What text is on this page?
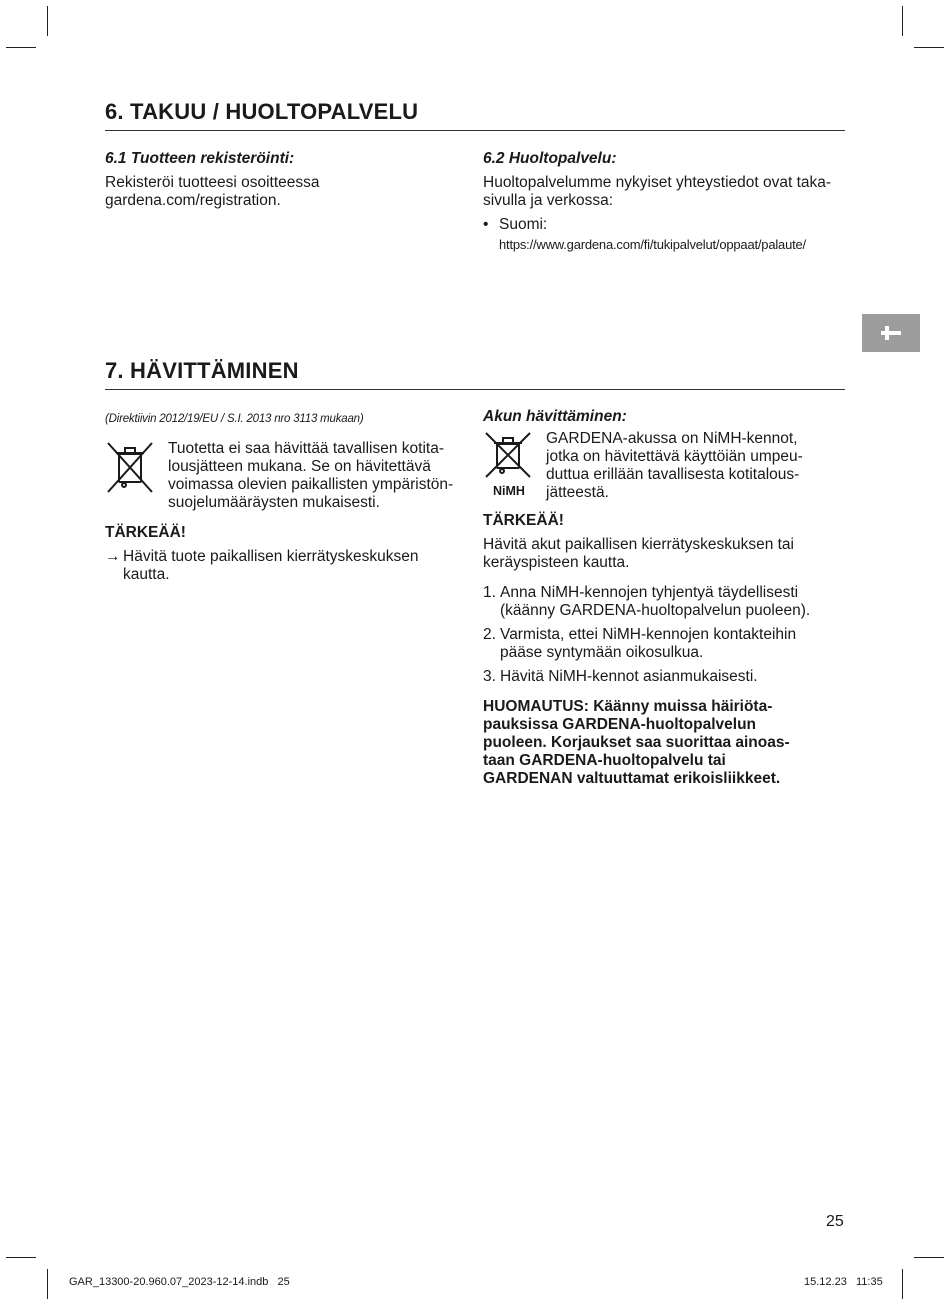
6. TAKUU / HUOLTOPALVELU

6.1 Tuotteen rekisteröinti:

Rekisteröi tuotteesi osoitteessa

gardena.com/registration.

6.2 Huoltopalvelu:

Huoltopalvelumme nykyiset yhteystiedot ovat taka-

sivulla ja verkossa:

• Suomi:

https://www.gardena.com/fi/tukipalvelut/oppaat/palaute/

7. HÄVITTÄMINEN

(Direktiivin 2012/19/EU / S.I. 2013 nro 3113 mukaan)

Tuotetta ei saa hävittää tavallisen kotita-

lousjätteen mukana. Se on hävitettävä

voimassa olevien paikallisten ympäristön-

suojelumääräysten mukaisesti.

TÄRKEÄÄ!

→ Hävitä tuote paikallisen kierrätyskeskuksen

kautta.

Akun hävittäminen:

NiMH

GARDENA-akussa on NiMH-kennot,

jotka on hävitettävä käyttöiän umpeu-

duttua erillään tavallisesta kotitalous-

jätteestä.

TÄRKEÄÄ!

Hävitä akut paikallisen kierrätyskeskuksen tai

keräyspisteen kautta.

1. Anna NiMH-kennojen tyhjentyä täydellisesti

(käänny GARDENA-huoltopalvelun puoleen).

2. Varmista, ettei NiMH-kennojen kontakteihin

pääse syntymään oikosulkua.

3. Hävitä NiMH-kennot asianmukaisesti.

HUOMAUTUS: Käänny muissa häiriöta-

pauksissa GARDENA-huoltopalvelun

puoleen. Korjaukset saa suorittaa ainoas-

taan GARDENA-huoltopalvelu tai

GARDENAN valtuuttamat erikoisliikkeet.

25
GAR_13300-20.960.07_2023-12-14.indb   25	15.12.23   11:35
